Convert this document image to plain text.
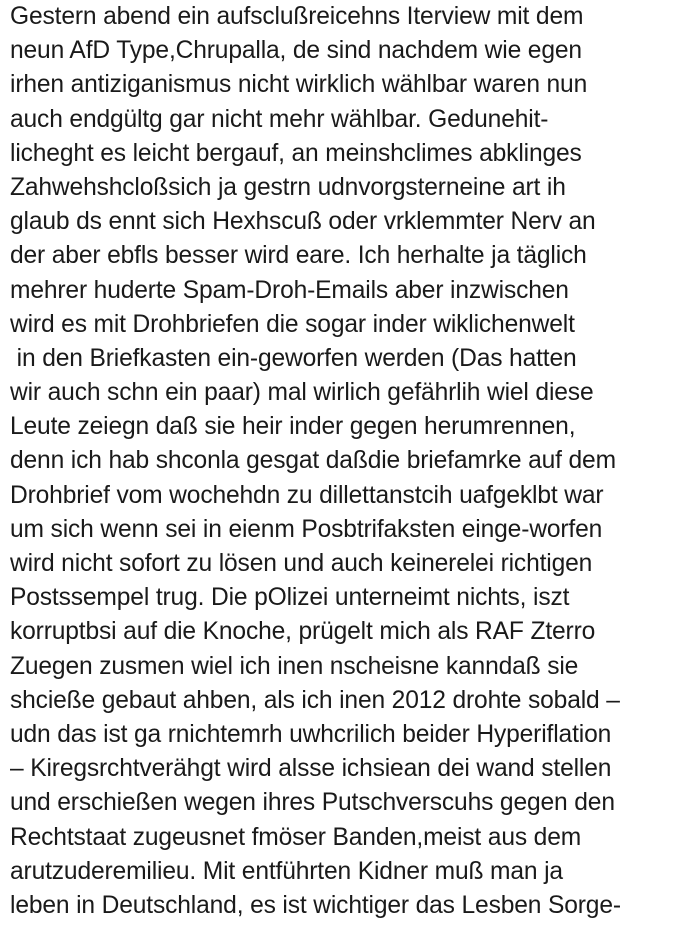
Gestern abend ein aufsclußreicehns Iterview mit dem
neun AfD Type,Chrupalla, de sind nachdem wie egen
irhen antiziganismus nicht wirklich wählbar waren nun
auch endgültg gar nicht mehr wählbar. Gedunehit-
licheght es leicht bergauf, an meinshclimes abklinges
Zahwehshcloßsich ja gestrn udnvorgsterneine art ih
glaub ds ennt sich Hexhscuß oder vrklemmter Nerv an
der aber ebfls besser wird eare. Ich herhalte ja täglich
mehrer huderte Spam-Droh-Emails aber inzwischen
wird es mit Drohbriefen die sogar inder wiklichenwelt
in den Briefkasten ein-geworfen werden (Das hatten
wir auch schn ein paar) mal wirlich gefährlih wiel diese
Leute zeiegn daß sie heir inder gegen herumrennen,
denn ich hab shconla gesgat daßdie briefamrke auf dem
Drohbrief vom wochehdn zu dillettanstcih uafgeklbt war
um sich wenn sei in eienm Posbtrifaksten einge-worfen
wird nicht sofort zu lösen und auch keinerelei richtigen
Postssempel trug. Die pOlizei unterneimt nichts, iszt
korruptbsi auf die Knoche, prügelt mich als RAF Zterro
Zuegen zusmen wiel ich inen nscheisne kanndaß sie
shcieße gebaut ahben, als ich inen 2012 drohte sobald –
udn das ist ga rnichtemrh uwhcrilich beider Hyperiflation
– Kiregsrchtverähgt wird alsse ichsiean dei wand stellen
und erschießen wegen ihres Putschverscuhs gegen den
Rechtstaat zugeusnet fmöser Banden,meist aus dem
arutzuderemilieu. Mit entführten Kidner muß man ja
leben in Deutschland, es ist wichtiger das Lesben Sorge-
